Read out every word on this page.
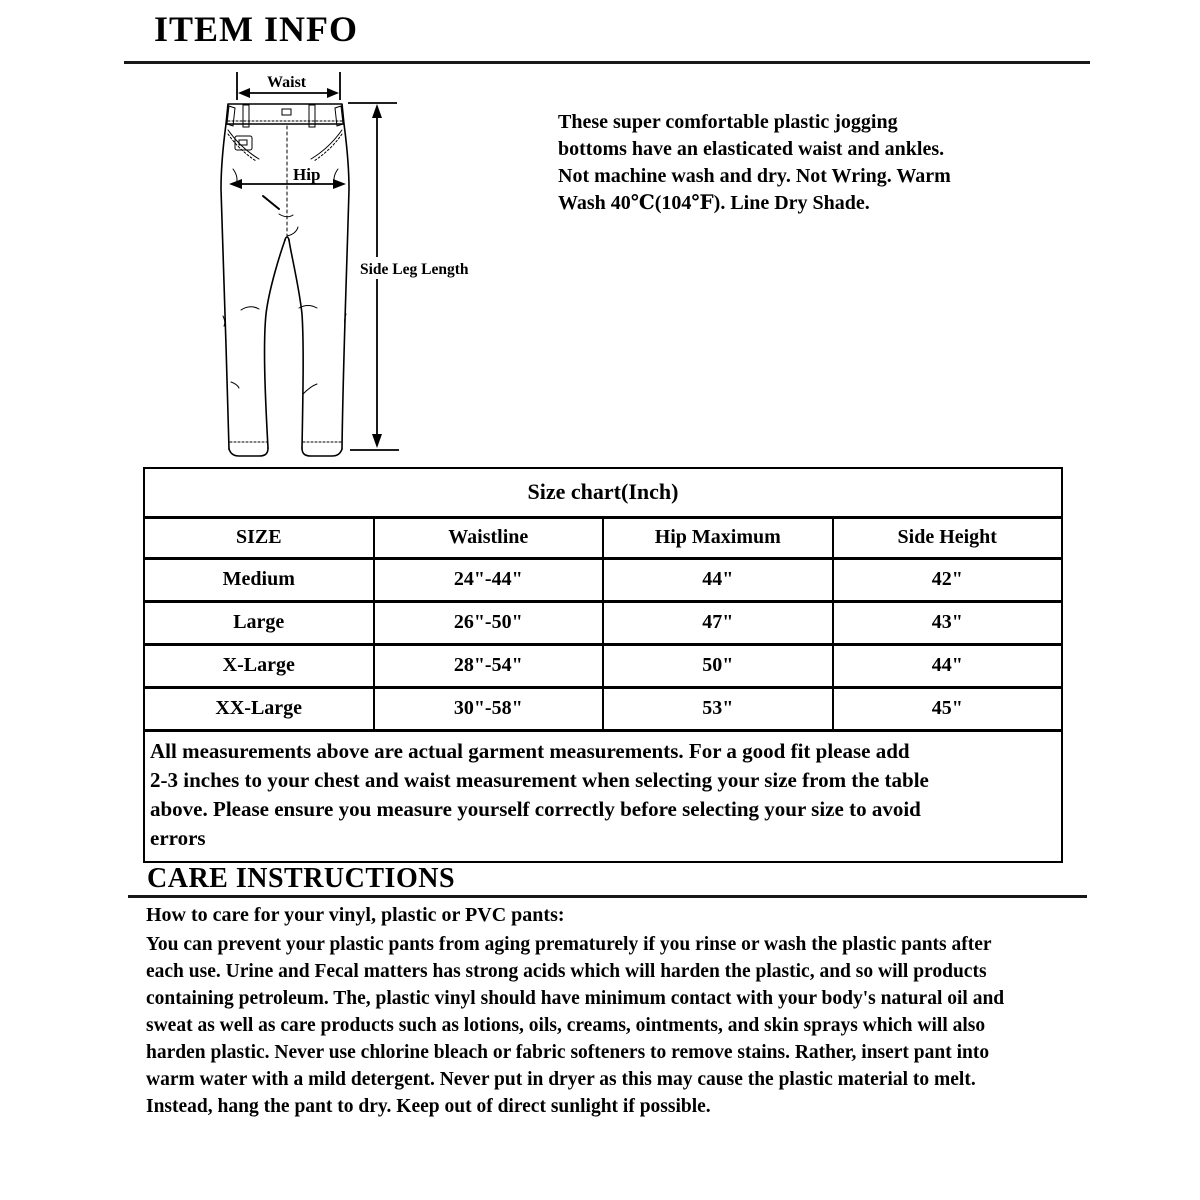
ITEM INFO
Waist
Hip
Side Leg Length
These super comfortable plastic jogging
bottoms have an elasticated waist and ankles.
Not machine wash and dry. Not Wring. Warm
Wash 40℃(104℉). Line Dry Shade.
Size chart(Inch)			
SIZE	Waistline	Hip Maximum	Side Height
Medium	24"-44"	44"	42"
Large	26"-50"	47"	43"
X-Large	28"-54"	50"	44"
XX-Large	30"-58"	53"	45"

All measurements above are actual garment measurements. For a good fit please add
2-3 inches to your chest and waist measurement when selecting your size from the table
above. Please ensure you measure yourself correctly before selecting your size to avoid
errors			
CARE INSTRUCTIONS
How to care for your vinyl, plastic or PVC pants:
You can prevent your plastic pants from aging prematurely if you rinse or wash the plastic pants after
each use. Urine and Fecal matters has strong acids which will harden the plastic, and so will products
containing petroleum. The, plastic vinyl should have minimum contact with your body's natural oil and
sweat as well as care products such as lotions, oils, creams, ointments, and skin sprays which will also
harden plastic. Never use chlorine bleach or fabric softeners to remove stains. Rather, insert pant into
warm water with a mild detergent. Never put in dryer as this may cause the plastic material to melt.
Instead, hang the pant to dry. Keep out of direct sunlight if possible.
